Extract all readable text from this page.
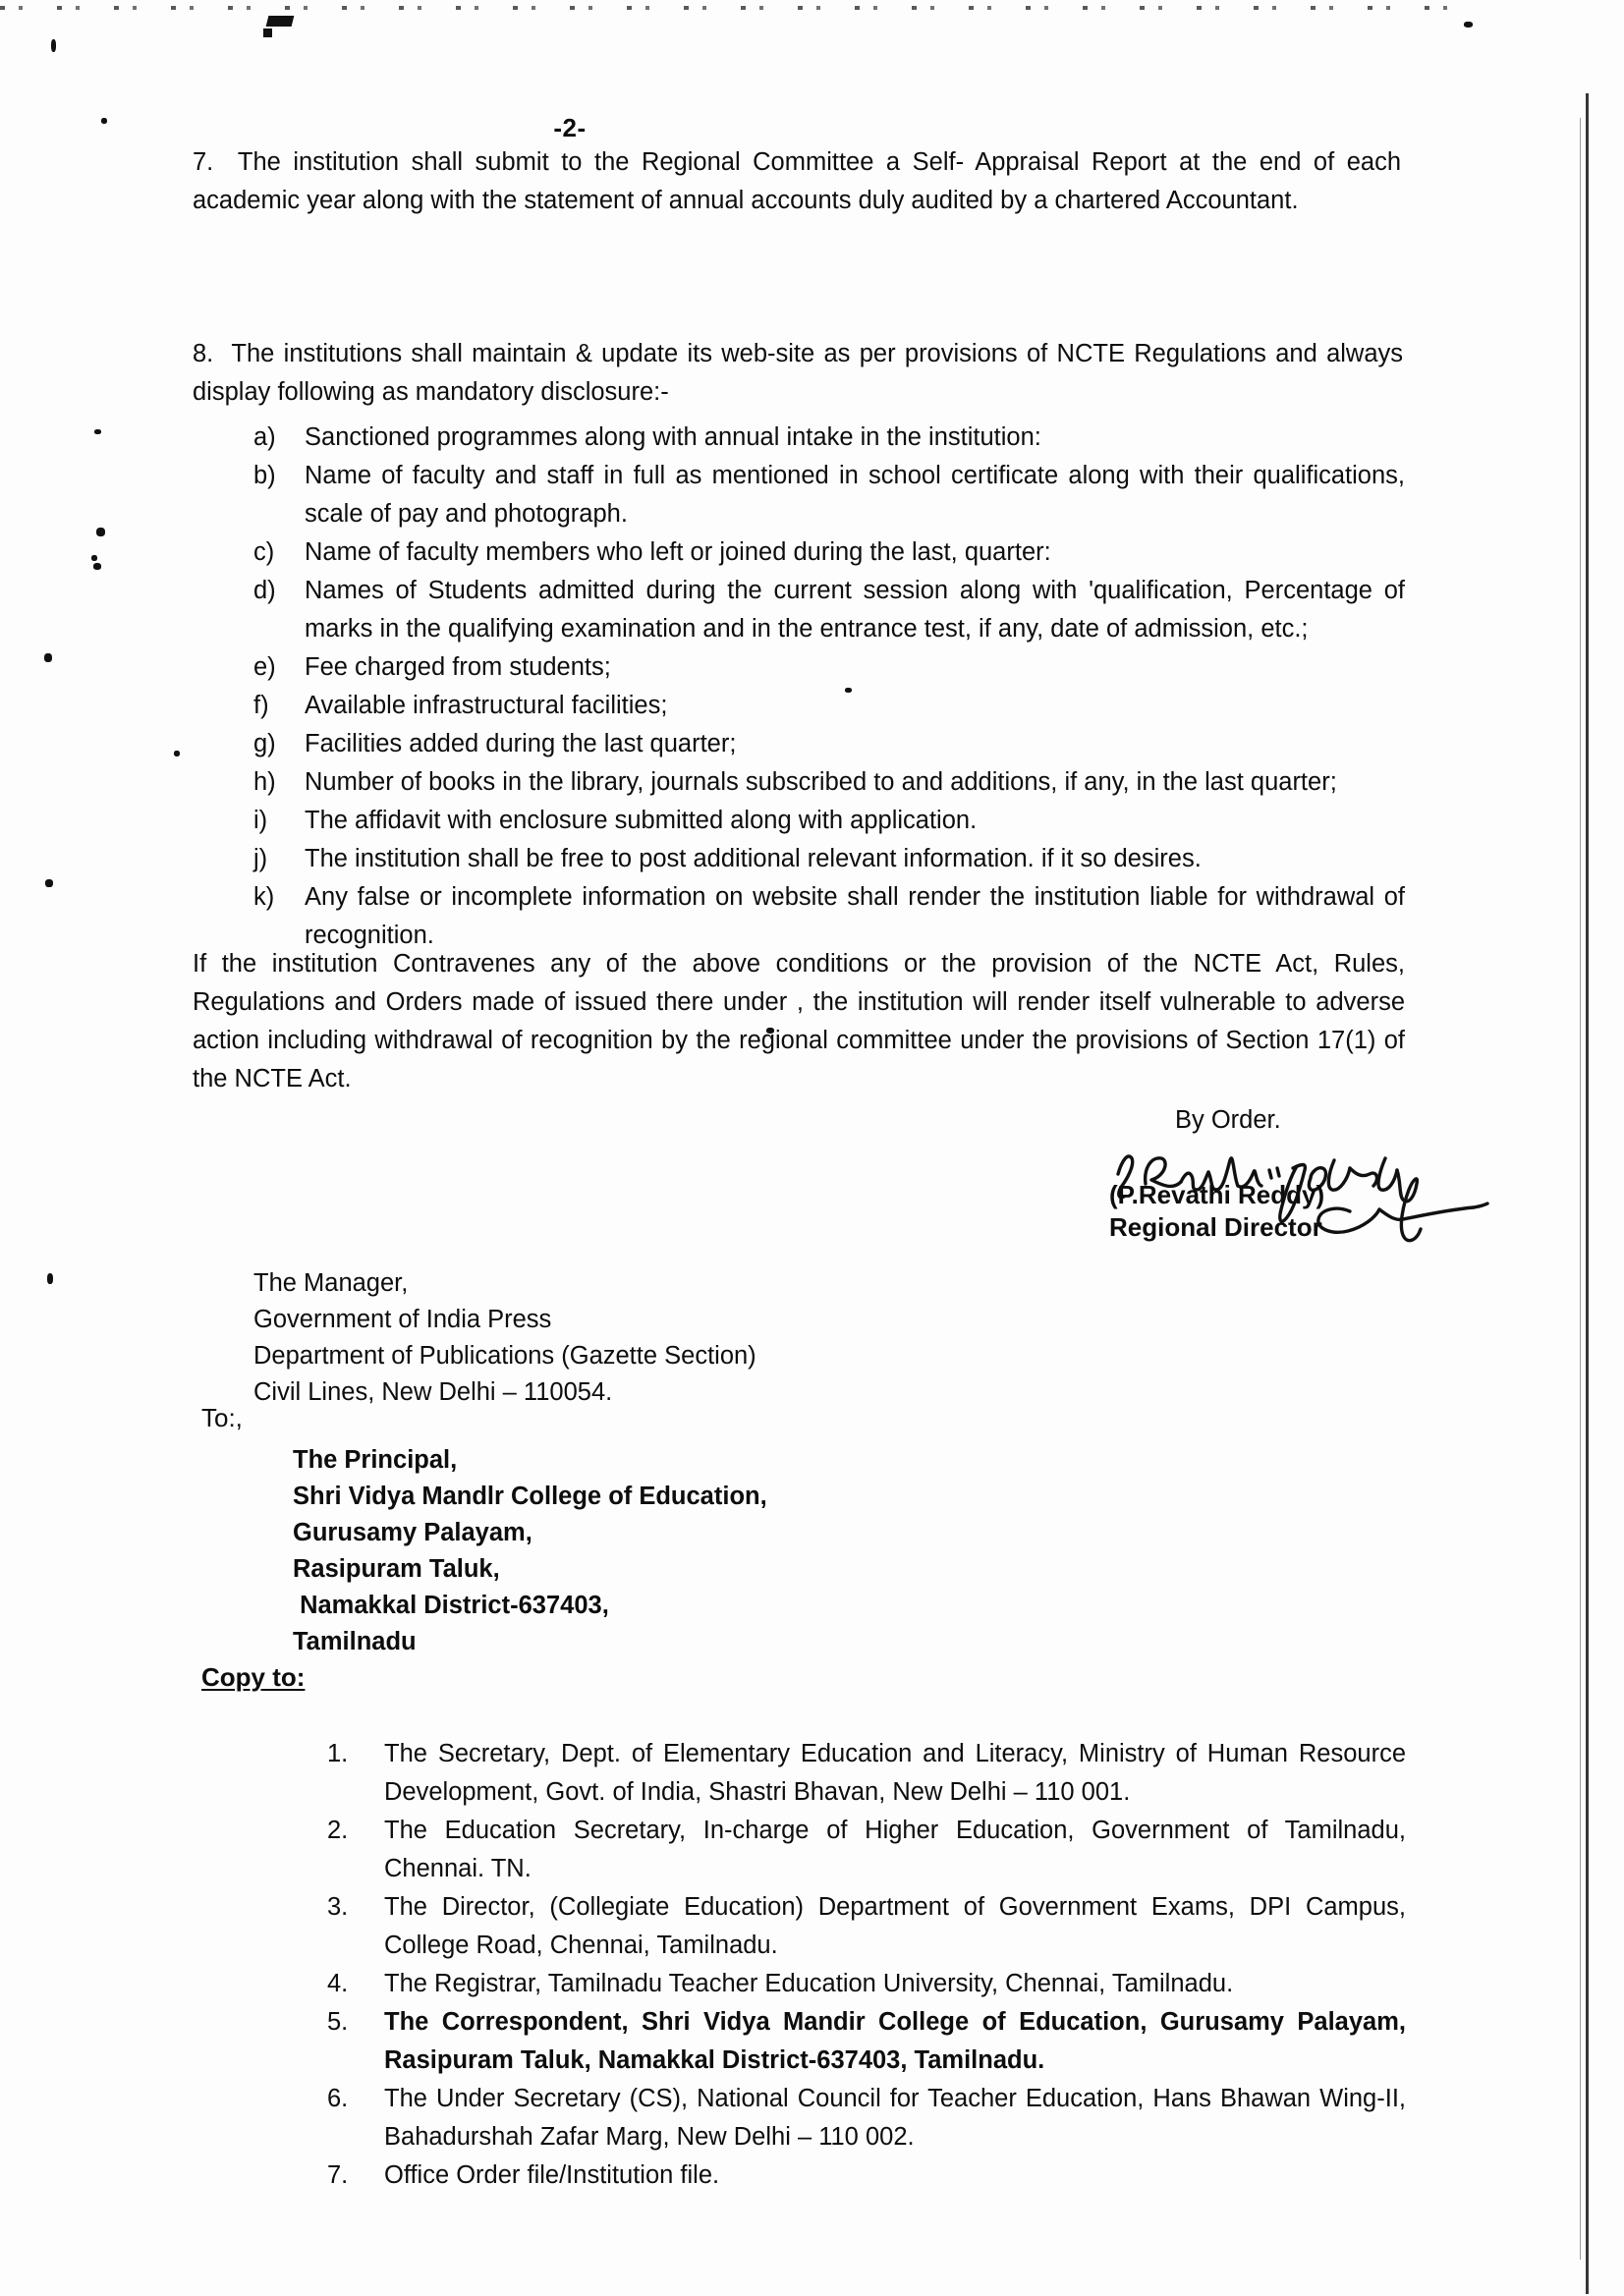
-2-
7.  The institution shall submit to the Regional Committee a Self- Appraisal Report at the end of each academic year along with the statement of annual accounts duly audited by a chartered Accountant.
8.  The institutions shall maintain & update its web-site as per provisions of NCTE Regulations and always display following as mandatory disclosure:-
a)	Sanctioned programmes along with annual intake in the institution:
b)	Name of faculty and staff in full as mentioned in school certificate along with their qualifications, scale of pay and photograph.
c)	Name of faculty members who left or joined during the last, quarter:
d)	Names of Students admitted during the current session along with 'qualification, Percentage of marks in the qualifying examination and in the entrance test, if any, date of admission, etc.;
e)	Fee charged from students;
f)	Available infrastructural facilities;
g)	Facilities added during the last quarter;
h)	Number of books in the library, journals subscribed to and additions, if any, in the last quarter;
i)	The affidavit with enclosure submitted along with application.
j)	The institution shall be free to post additional relevant information. if it so desires.
k)	Any false or incomplete information on website shall render the institution liable for withdrawal of recognition.
If the institution Contravenes any of the above conditions or the provision of the NCTE Act, Rules, Regulations and Orders made of issued there under , the institution will render itself vulnerable to adverse action including withdrawal of recognition by the regional committee under the provisions of Section 17(1) of the NCTE Act.
By Order.
(P.Revathi Reddy)
Regional Director
The Manager,
Government of India Press
Department of Publications (Gazette Section)
Civil Lines, New Delhi – 110054.
To:,
The Principal,
Shri Vidya Mandlr College of Education,
Gurusamy Palayam,
Rasipuram Taluk,
Namakkal District-637403,
Tamilnadu
Copy to:
1.	The Secretary, Dept. of Elementary Education and Literacy, Ministry of Human Resource Development, Govt. of India, Shastri Bhavan, New Delhi – 110 001.
2.	The Education Secretary, In-charge of Higher Education, Government of Tamilnadu, Chennai. TN.
3.	The Director, (Collegiate Education) Department of Government Exams, DPI Campus, College Road, Chennai, Tamilnadu.
4.	The Registrar, Tamilnadu Teacher Education University, Chennai, Tamilnadu.
5.	The Correspondent, Shri Vidya Mandir College of Education, Gurusamy Palayam, Rasipuram Taluk, Namakkal District-637403, Tamilnadu.
6.	The Under Secretary (CS), National Council for Teacher Education, Hans Bhawan Wing-II, Bahadurshah Zafar Marg, New Delhi – 110 002.
7.	Office Order file/Institution file.
